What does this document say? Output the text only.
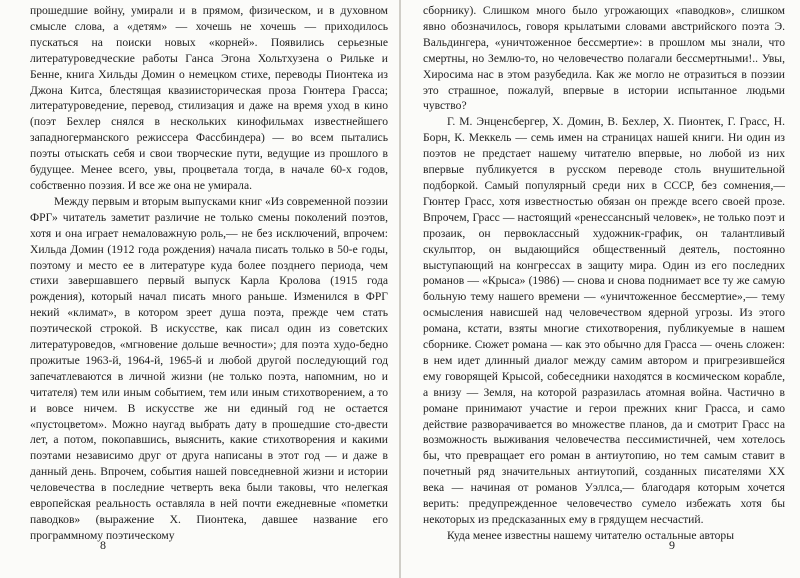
прошедшие войну, умирали и в прямом, физическом, и в духовном смысле слова, а «детям» — хочешь не хочешь — приходилось пускаться на поиски новых «корней». Появились серьезные литературоведческие работы Ганса Эгона Хольтхузена о Рильке и Бенне, книга Хильды Домин о немецком стихе, переводы Пионтека из Джона Китса, блестящая квазиисторическая проза Гюнтера Грасса; литературоведение, перевод, стилизация и даже на время уход в кино (поэт Бехлер снялся в нескольких кинофильмах известнейшего западногерманского режиссера Фассбиндера) — во всем пытались поэты отыскать себя и свои творческие пути, ведущие из прошлого в будущее. Менее всего, увы, процветала тогда, в начале 60-х годов, собственно поэзия. И все же она не умирала.

Между первым и вторым выпусками книг «Из современной поэзии ФРГ» читатель заметит различие не только смены поколений поэтов, хотя и она играет немаловажную роль,— не без исключений, впрочем: Хильда Домин (1912 года рождения) начала писать только в 50-е годы, поэтому и место ее в литературе куда более позднего периода, чем стихи завершавшего первый выпуск Карла Кролова (1915 года рождения), который начал писать много раньше. Изменился в ФРГ некий «климат», в котором зреет душа поэта, прежде чем стать поэтической строкой. В искусстве, как писал один из советских литературоведов, «мгновение дольше вечности»; для поэта худо-бедно прожитые 1963-й, 1964-й, 1965-й и любой другой последующий год запечатлеваются в личной жизни (не только поэта, напомним, но и читателя) тем или иным событием, тем или иным стихотворением, а то и вовсе ничем. В искусстве же ни единый год не остается «пустоцветом». Можно наугад выбрать дату в прошедшие сто-двести лет, а потом, покопавшись, выяснить, какие стихотворения и какими поэтами независимо друг от друга написаны в этот год — и даже в данный день. Впрочем, события нашей повседневной жизни и истории человечества в последние четверть века были таковы, что нелегкая европейская реальность оставляла в ней почти ежедневные «пометки паводков» (выражение Х. Пионтека, давшее название его программному поэтическому

8

сборнику). Слишком много было угрожающих «паводков», слишком явно обозначилось, говоря крылатыми словами австрийского поэта Э. Вальдингера, «уничтоженное бессмертие»: в прошлом мы знали, что смертны, но Землю-то, но человечество полагали бессмертными!.. Увы, Хиросима нас в этом разубедила. Как же могло не отразиться в поэзии это страшное, пожалуй, впервые в истории испытанное людьми чувство?

Г. М. Энценсбергер, Х. Домин, В. Бехлер, Х. Пионтек, Г. Грасс, Н. Борн, К. Мeккель — семь имен на страницах нашей книги. Ни один из поэтов не предстает нашему читателю впервые, но любой из них впервые публикуется в русском переводе столь внушительной подборкой. Самый популярный среди них в СССР, без сомнения,— Гюнтер Грасс, хотя известностью обязан он прежде всего своей прозе. Впрочем, Грасс — настоящий «ренессансный человек», не только поэт и прозаик, он первоклассный художник-график, он талантливый скульптор, он выдающийся общественный деятель, постоянно выступающий на конгрессах в защиту мира. Один из его последних романов — «Крыса» (1986) — снова и снова поднимает все ту же самую больную тему нашего времени — «уничтоженное бессмертие»,— тему осмысления нависшей над человечеством ядерной угрозы. Из этого романа, кстати, взяты многие стихотворения, публикуемые в нашем сборнике. Сюжет романа — как это обычно для Грасса — очень сложен: в нем идет длинный диалог между самим автором и пригрезившейся ему говорящей Крысой, собеседники находятся в космическом корабле, а внизу — Земля, на которой разразилась атомная война. Частично в романе принимают участие и герои прежних книг Грасса, и само действие разворачивается во множестве планов, да и смотрит Грасс на возможность выживания человечества пессимистичней, чем хотелось бы, что превращает его роман в антиутопию, но тем самым ставит в почетный ряд значительных антиутопий, созданных писателями XX века — начиная от романов Уэллса,— благодаря которым хочется верить: предупрежденное человечество сумело избежать хотя бы некоторых из предсказанных ему в грядущем несчастий.

Куда менее известны нашему читателю остальные авторы

9
